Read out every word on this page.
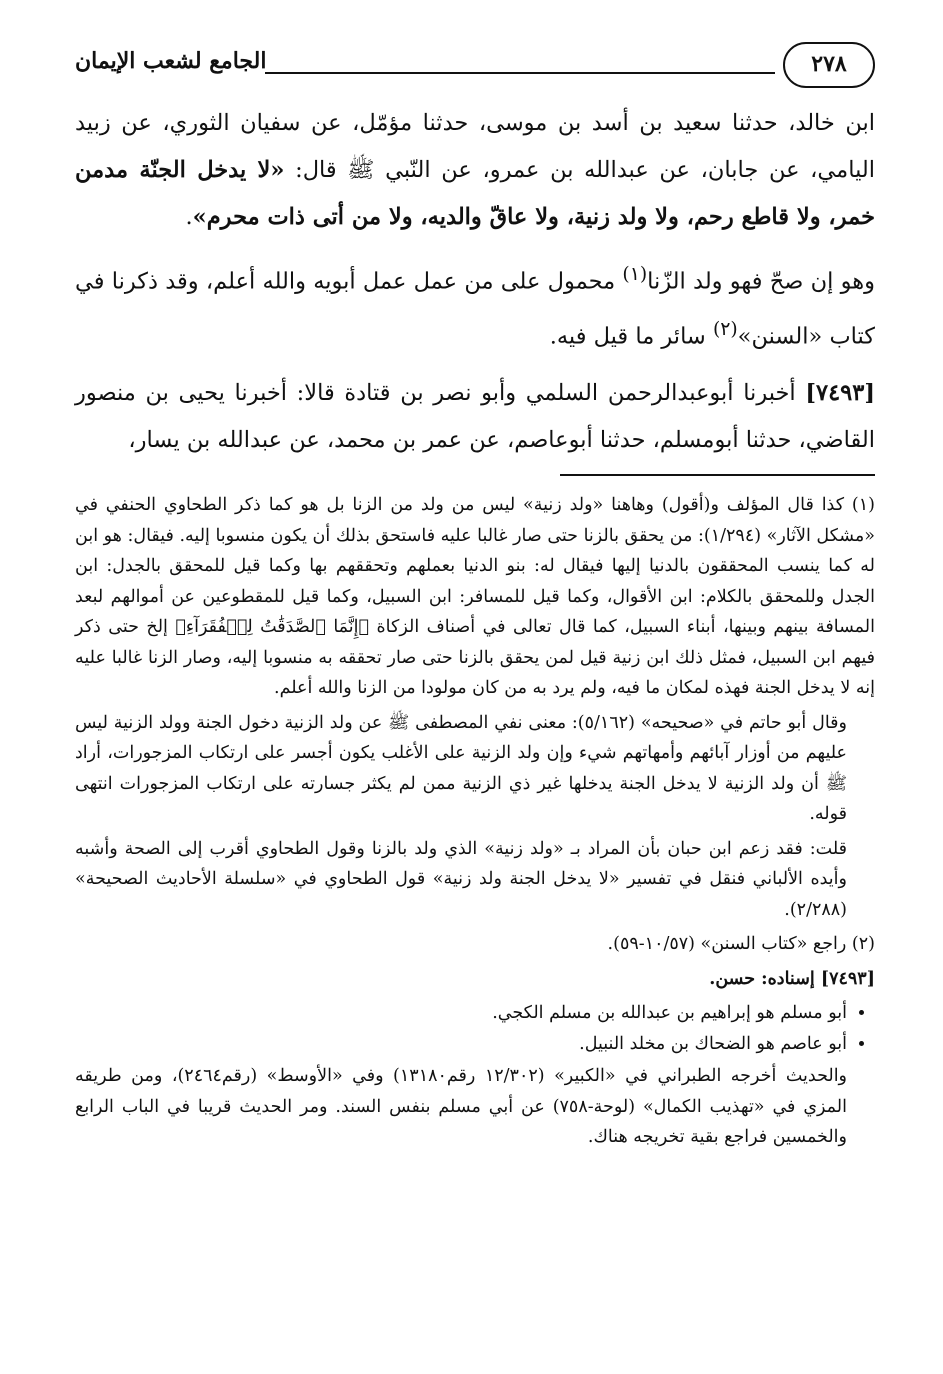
٢٧٨
الجامع لشعب الإيمان

ابن خالد، حدثنا سعيد بن أسد بن موسى، حدثنا مؤمّل، عن سفيان الثوري، عن زبيد اليامي، عن جابان، عن عبدالله بن عمرو، عن النّبي ﷺ قال: «لا يدخل الجنّة مدمن خمر، ولا قاطع رحم، ولا ولد زنية، ولا عاقّ والديه، ولا من أتى ذات محرم».

وهو إن صحّ فهو ولد الزّنا$^{(١)}$ محمول على من عمل عمل أبويه والله أعلم، وقد ذكرنا في كتاب «السنن»$^{(٢)}$ سائر ما قيل فيه.

[٧٤٩٣] أخبرنا أبوعبدالرحمن السلمي وأبو نصر بن قتادة قالا: أخبرنا يحيى بن منصور القاضي، حدثنا أبومسلم، حدثنا أبوعاصم، عن عمر بن محمد، عن عبدالله بن يسار،

(١) كذا قال المؤلف و(أقول) وهاهنا «ولد زنية» ليس من ولد من الزنا بل هو كما ذكر الطحاوي الحنفي في «مشكل الآثار» (١/٢٩٤): من يحقق بالزنا حتى صار غالبا عليه فاستحق بذلك أن يكون منسوبا إليه. فيقال: هو ابن له كما ينسب المحققون بالدنيا إليها فيقال له: بنو الدنيا بعملهم وتحققهم بها وكما قيل للمحقق بالجدل: ابن الجدل وللمحقق بالكلام: ابن الأقوال، وكما قيل للمسافر: ابن السبيل، وكما قيل للمقطوعين عن أموالهم لبعد المسافة بينهم وبينها، أبناء السبيل، كما قال تعالى في أصناف الزكاة ﴿إِنَّمَا ٱلصَّدَقَٰتُ لِلۡفُقَرَآءِ﴾ إلخ حتى ذكر فيهم ابن السبيل، فمثل ذلك ابن زنية قيل لمن يحقق بالزنا حتى صار تحققه به منسوبا إليه، وصار الزنا غالبا عليه إنه لا يدخل الجنة فهذه لمكان ما فيه، ولم يرد به من كان مولودا من الزنا والله أعلم.

وقال أبو حاتم في «صحيحه» (٥/١٦٢): معنى نفي المصطفى ﷺ عن ولد الزنية دخول الجنة وولد الزنية ليس عليهم من أوزار آبائهم وأمهاتهم شيء وإن ولد الزنية على الأغلب يكون أجسر على ارتكاب المزجورات، أراد ﷺ أن ولد الزنية لا يدخل الجنة يدخلها غير ذي الزنية ممن لم يكثر جسارته على ارتكاب المزجورات انتهى قوله.

قلت: فقد زعم ابن حبان بأن المراد بـ «ولد زنية» الذي ولد بالزنا وقول الطحاوي أقرب إلى الصحة وأشبه وأيده الألباني فنقل في تفسير «لا يدخل الجنة ولد زنية» قول الطحاوي في «سلسلة الأحاديث الصحيحة» (٢/٢٨٨).

(٢) راجع «كتاب السنن» (١٠/٥٧-٥٩).

[٧٤٩٣] إسناده: حسن.

• أبو مسلم هو إبراهيم بن عبدالله بن مسلم الكجي.
• أبو عاصم هو الضحاك بن مخلد النبيل.

والحديث أخرجه الطبراني في «الكبير» (١٢/٣٠٢ رقم١٣١٨٠) وفي «الأوسط» (رقم٢٤٦٤)، ومن طريقه المزي في «تهذيب الكمال» (لوحة-٧٥٨) عن أبي مسلم بنفس السند. ومر الحديث قريبا في الباب الرابع والخمسين فراجع بقية تخريجه هناك.
